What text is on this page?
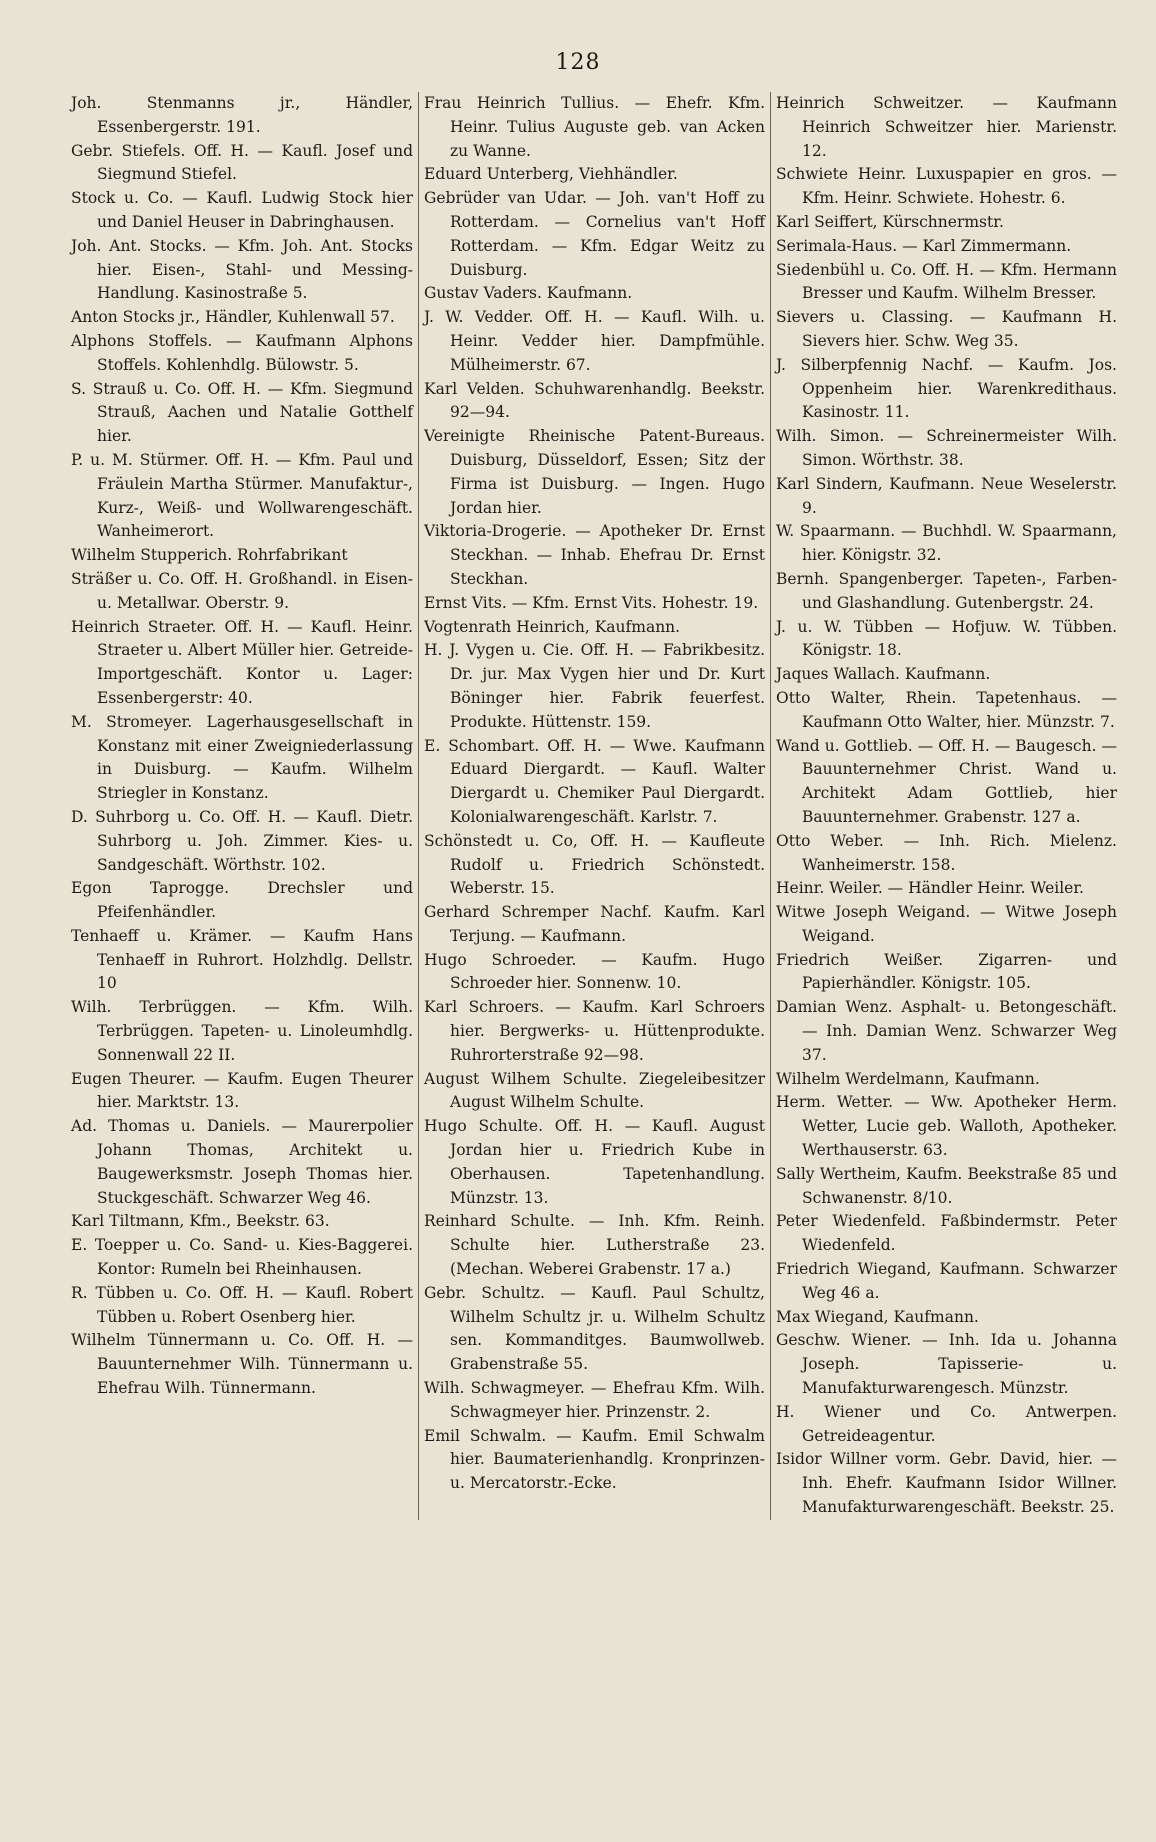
128
Joh. Stenmanns jr., Händler, Essenbergerstr. 191.
Gebr. Stiefels. Off. H. — Kaufl. Josef und Siegmund Stiefel.
Stock u. Co. — Kaufl. Ludwig Stock hier und Daniel Heuser in Dabringhausen.
Joh. Ant. Stocks. — Kfm. Joh. Ant. Stocks hier. Eisen-, Stahl- und Messing-Handlung. Kasinostraße 5.
Anton Stocks jr., Händler, Kuhlenwall 57.
Alphons Stoffels. — Kaufmann Alphons Stoffels. Kohlenhdlg. Bülowstr. 5.
S. Strauß u. Co. Off. H. — Kfm. Siegmund Strauß, Aachen und Natalie Gotthelf hier.
P. u. M. Stürmer. Off. H. — Kfm. Paul und Fräulein Martha Stürmer. Manufaktur-, Kurz-, Weiß- und Wollwarengeschäft. Wanheimerort.
Wilhelm Stupperich. Rohrfabrikant
Sträßer u. Co. Off. H. Großhandl. in Eisen- u. Metallwar. Oberstr. 9.
Heinrich Straeter. Off. H. — Kaufl. Heinr. Straeter u. Albert Müller hier. Getreide-Importgeschäft. Kontor u. Lager: Essenbergerstr: 40.
M. Stromeyer. Lagerhausgesellschaft in Konstanz mit einer Zweigniederlassung in Duisburg. — Kaufm. Wilhelm Striegler in Konstanz.
D. Suhrborg u. Co. Off. H. — Kaufl. Dietr. Suhrborg u. Joh. Zimmer. Kies- u. Sandgeschäft. Wörthstr. 102.
Egon Taprogge. Drechsler und Pfeifenhändler.
Tenhaeff u. Krämer. — Kaufm Hans Tenhaeff in Ruhrort. Holzhdlg. Dellstr. 10
Wilh. Terbrüggen. — Kfm. Wilh. Terbrüggen. Tapeten- u. Linoleumhdlg. Sonnenwall 22 II.
Eugen Theurer. — Kaufm. Eugen Theurer hier. Marktstr. 13.
Ad. Thomas u. Daniels. — Maurerpolier Johann Thomas, Architekt u. Baugewerksmstr. Joseph Thomas hier. Stuckgeschäft. Schwarzer Weg 46.
Karl Tiltmann, Kfm., Beekstr. 63.
E. Toepper u. Co. Sand- u. Kies-Baggerei. Kontor: Rumeln bei Rheinhausen.
R. Tübben u. Co. Off. H. — Kaufl. Robert Tübben u. Robert Osenberg hier.
Wilhelm Tünnermann u. Co. Off. H. — Bauunternehmer Wilh. Tünnermann u. Ehefrau Wilh. Tünnermann.
Frau Heinrich Tullius. — Ehefr. Kfm. Heinr. Tulius Auguste geb. van Acken zu Wanne.
Eduard Unterberg, Viehhändler.
Gebrüder van Udar. — Joh. van't Hoff zu Rotterdam. — Cornelius van't Hoff Rotterdam. — Kfm. Edgar Weitz zu Duisburg.
Gustav Vaders. Kaufmann.
J. W. Vedder. Off. H. — Kaufl. Wilh. u. Heinr. Vedder hier. Dampfmühle. Mülheimerstr. 67.
Karl Velden. Schuhwarenhandlg. Beekstr. 92—94.
Vereinigte Rheinische Patent-Bureaus. Duisburg, Düsseldorf, Essen; Sitz der Firma ist Duisburg. — Ingen. Hugo Jordan hier.
Viktoria-Drogerie. — Apotheker Dr. Ernst Steckhan. — Inhab. Ehefrau Dr. Ernst Steckhan.
Ernst Vits. — Kfm. Ernst Vits. Hohestr. 19.
Vogtenrath Heinrich, Kaufmann.
H. J. Vygen u. Cie. Off. H. — Fabrikbesitz. Dr. jur. Max Vygen hier und Dr. Kurt Böninger hier. Fabrik feuerfest. Produkte. Hüttenstr. 159.
E. Schombart. Off. H. — Wwe. Kaufmann Eduard Diergardt. — Kaufl. Walter Diergardt u. Chemiker Paul Diergardt. Kolonialwarengeschäft. Karlstr. 7.
Schönstedt u. Co, Off. H. — Kaufleute Rudolf u. Friedrich Schönstedt. Weberstr. 15.
Gerhard Schremper Nachf. Kaufm. Karl Terjung. — Kaufmann.
Hugo Schroeder. — Kaufm. Hugo Schroeder hier. Sonnenw. 10.
Karl Schroers. — Kaufm. Karl Schroers hier. Bergwerks- u. Hüttenprodukte. Ruhrorterstraße 92—98.
August Wilhem Schulte. Ziegeleibesitzer August Wilhelm Schulte.
Hugo Schulte. Off. H. — Kaufl. August Jordan hier u. Friedrich Kube in Oberhausen. Tapetenhandlung. Münzstr. 13.
Reinhard Schulte. — Inh. Kfm. Reinh. Schulte hier. Lutherstraße 23. (Mechan. Weberei Grabenstr. 17 a.)
Gebr. Schultz. — Kaufl. Paul Schultz, Wilhelm Schultz jr. u. Wilhelm Schultz sen. Kommanditges. Baumwollweb. Grabenstraße 55.
Wilh. Schwagmeyer. — Ehefrau Kfm. Wilh. Schwagmeyer hier. Prinzenstr. 2.
Emil Schwalm. — Kaufm. Emil Schwalm hier. Baumaterienhandlg. Kronprinzen- u. Mercatorstr.-Ecke.
Heinrich Schweitzer. — Kaufmann Heinrich Schweitzer hier. Marienstr. 12.
Schwiete Heinr. Luxuspapier en gros. — Kfm. Heinr. Schwiete. Hohestr. 6.
Karl Seiffert, Kürschnermstr.
Serimala-Haus. — Karl Zimmermann.
Siedenbühl u. Co. Off. H. — Kfm. Hermann Bresser und Kaufm. Wilhelm Bresser.
Sievers u. Classing. — Kaufmann H. Sievers hier. Schw. Weg 35.
J. Silberpfennig Nachf. — Kaufm. Jos. Oppenheim hier. Warenkredithaus. Kasinostr. 11.
Wilh. Simon. — Schreinermeister Wilh. Simon. Wörthstr. 38.
Karl Sindern, Kaufmann. Neue Weselerstr. 9.
W. Spaarmann. — Buchhdl. W. Spaarmann, hier. Königstr. 32.
Bernh. Spangenberger. Tapeten-, Farben- und Glashandlung. Gutenbergstr. 24.
J. u. W. Tübben — Hofjuw. W. Tübben. Königstr. 18.
Jaques Wallach. Kaufmann.
Otto Walter, Rhein. Tapetenhaus. — Kaufmann Otto Walter, hier. Münzstr. 7.
Wand u. Gottlieb. — Off. H. — Baugesch. — Bauunternehmer Christ. Wand u. Architekt Adam Gottlieb, hier Bauunternehmer. Grabenstr. 127 a.
Otto Weber. — Inh. Rich. Mielenz. Wanheimerstr. 158.
Heinr. Weiler. — Händler Heinr. Weiler.
Witwe Joseph Weigand. — Witwe Joseph Weigand.
Friedrich Weißer. Zigarren- und Papierhändler. Königstr. 105.
Damian Wenz. Asphalt- u. Betongeschäft. — Inh. Damian Wenz. Schwarzer Weg 37.
Wilhelm Werdelmann, Kaufmann.
Herm. Wetter. — Ww. Apotheker Herm. Wetter, Lucie geb. Walloth, Apotheker. Werthauserstr. 63.
Sally Wertheim, Kaufm. Beekstraße 85 und Schwanenstr. 8/10.
Peter Wiedenfeld. Faßbindermstr. Peter Wiedenfeld.
Friedrich Wiegand, Kaufmann. Schwarzer Weg 46 a.
Max Wiegand, Kaufmann.
Geschw. Wiener. — Inh. Ida u. Johanna Joseph. Tapisserie- u. Manufakturwarengesch. Münzstr.
H. Wiener und Co. Antwerpen. Getreideagentur.
Isidor Willner vorm. Gebr. David, hier. — Inh. Ehefr. Kaufmann Isidor Willner. Manufakturwarengeschäft. Beekstr. 25.
